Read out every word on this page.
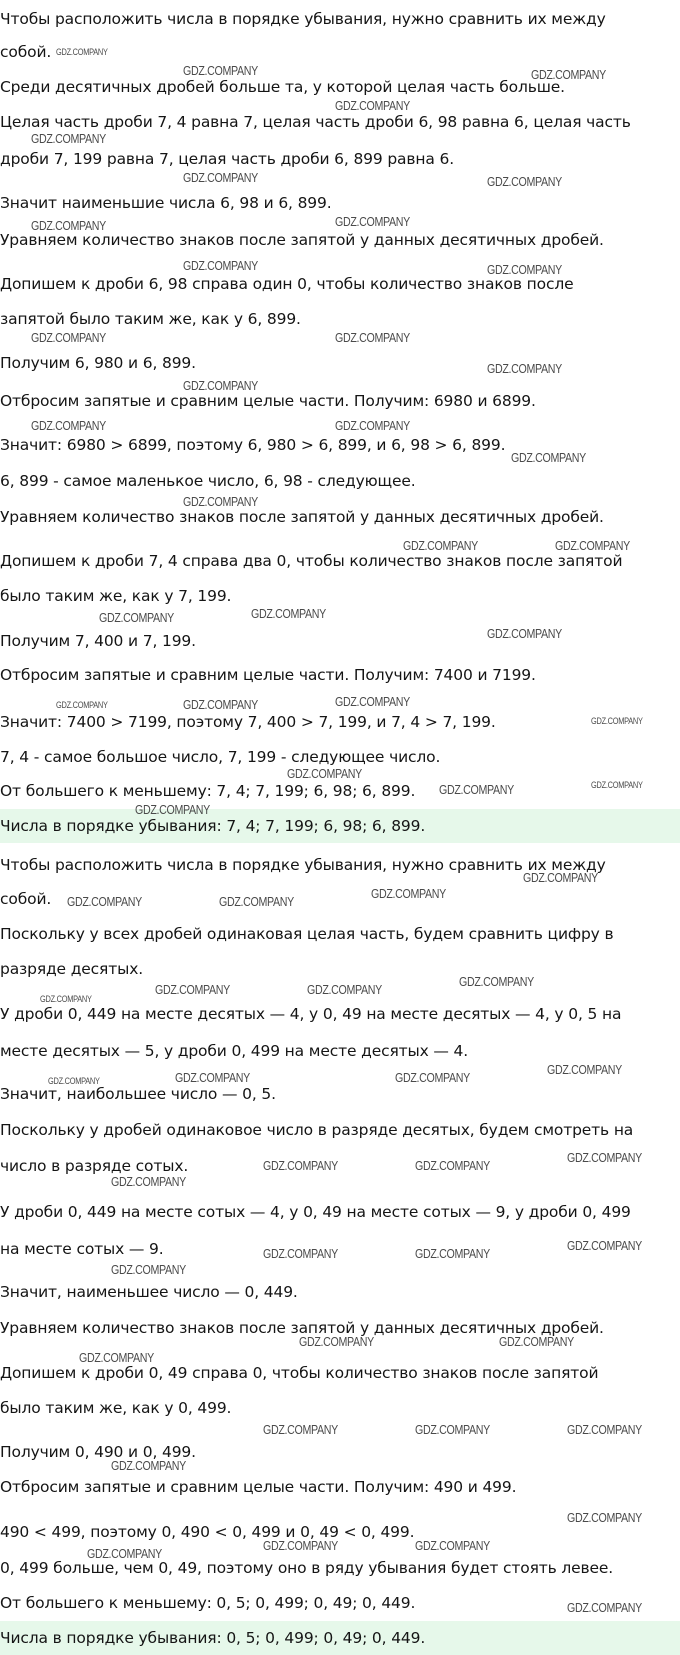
Чтобы расположить числа в порядке убывания, нужно сравнить их между
собой.
Среди десятичных дробей больше та, у которой целая часть больше.
Целая часть дроби 7, 4 равна 7, целая часть дроби 6, 98 равна 6, целая часть
дроби 7, 199 равна 7, целая часть дроби 6, 899 равна 6.
Значит наименьшие числа 6, 98 и 6, 899.
Уравняем количество знаков после запятой у данных десятичных дробей.
Допишем к дроби 6, 98 справа один 0, чтобы количество знаков после
запятой было таким же, как у 6, 899.
Получим 6, 980 и 6, 899.
Отбросим запятые и сравним целые части. Получим: 6980 и 6899.
Значит: 6980 > 6899, поэтому 6, 980 > 6, 899, и 6, 98 > 6, 899.
6, 899 - самое маленькое число, 6, 98 - следующее.
Уравняем количество знаков после запятой у данных десятичных дробей.
Допишем к дроби 7, 4 справа два 0, чтобы количество знаков после запятой
было таким же, как у 7, 199.
Получим 7, 400 и 7, 199.
Отбросим запятые и сравним целые части. Получим: 7400 и 7199.
Значит: 7400 > 7199, поэтому 7, 400 > 7, 199, и 7, 4 > 7, 199.
7, 4 - самое большое число, 7, 199 - следующее число.
От большего к меньшему: 7, 4; 7, 199; 6, 98; 6, 899.
Числа в порядке убывания: 7, 4; 7, 199; 6, 98; 6, 899.
Чтобы расположить числа в порядке убывания, нужно сравнить их между
собой.
Поскольку у всех дробей одинаковая целая часть, будем сравнить цифру в
разряде десятых.
У дроби 0, 449 на месте десятых — 4, у 0, 49 на месте десятых — 4, у 0, 5 на
месте десятых — 5, у дроби 0, 499 на месте десятых — 4.
Значит, наибольшее число — 0, 5.
Поскольку у дробей одинаковое число в разряде десятых, будем смотреть на
число в разряде сотых.
У дроби 0, 449 на месте сотых — 4, у 0, 49 на месте сотых — 9, у дроби 0, 499
на месте сотых — 9.
Значит, наименьшее число — 0, 449.
Уравняем количество знаков после запятой у данных десятичных дробей.
Допишем к дроби 0, 49 справа 0, чтобы количество знаков после запятой
было таким же, как у 0, 499.
Получим 0, 490 и 0, 499.
Отбросим запятые и сравним целые части. Получим: 490 и 499.
490 < 499, поэтому 0, 490 < 0, 499 и 0, 49 < 0, 499.
0, 499 больше, чем 0, 49, поэтому оно в ряду убывания будет стоять левее.
От большего к меньшему: 0, 5; 0, 499; 0, 49; 0, 449.
Числа в порядке убывания: 0, 5; 0, 499; 0, 49; 0, 449.
GDZ.COMPANY
GDZ.COMPANY	GDZ.COMPANY
GDZ.COMPANY
GDZ.COMPANY
GDZ.COMPANY	GDZ.COMPANY
GDZ.COMPANY	GDZ.COMPANY
GDZ.COMPANY	GDZ.COMPANY
GDZ.COMPANY	GDZ.COMPANY
GDZ.COMPANY
GDZ.COMPANY
GDZ.COMPANY	GDZ.COMPANY
GDZ.COMPANY
GDZ.COMPANY
GDZ.COMPANY	GDZ.COMPANY
GDZ.COMPANY	GDZ.COMPANY
GDZ.COMPANY
GDZ.COMPANY	GDZ.COMPANY	GDZ.COMPANY
GDZ.COMPANY
GDZ.COMPANY
GDZ.COMPANY	GDZ.COMPANY
GDZ.COMPANY
GDZ.COMPANY
GDZ.COMPANY
GDZ.COMPANY	GDZ.COMPANY
GDZ.COMPANY
GDZ.COMPANY	GDZ.COMPANY
GDZ.COMPANY
GDZ.COMPANY
GDZ.COMPANY	GDZ.COMPANY
GDZ.COMPANY
GDZ.COMPANY
GDZ.COMPANY	GDZ.COMPANY
GDZ.COMPANY
GDZ.COMPANY
GDZ.COMPANY	GDZ.COMPANY
GDZ.COMPANY
GDZ.COMPANY	GDZ.COMPANY
GDZ.COMPANY
GDZ.COMPANY	GDZ.COMPANY	GDZ.COMPANY
GDZ.COMPANY
GDZ.COMPANY
GDZ.COMPANY	GDZ.COMPANY
GDZ.COMPANY
GDZ.COMPANY
